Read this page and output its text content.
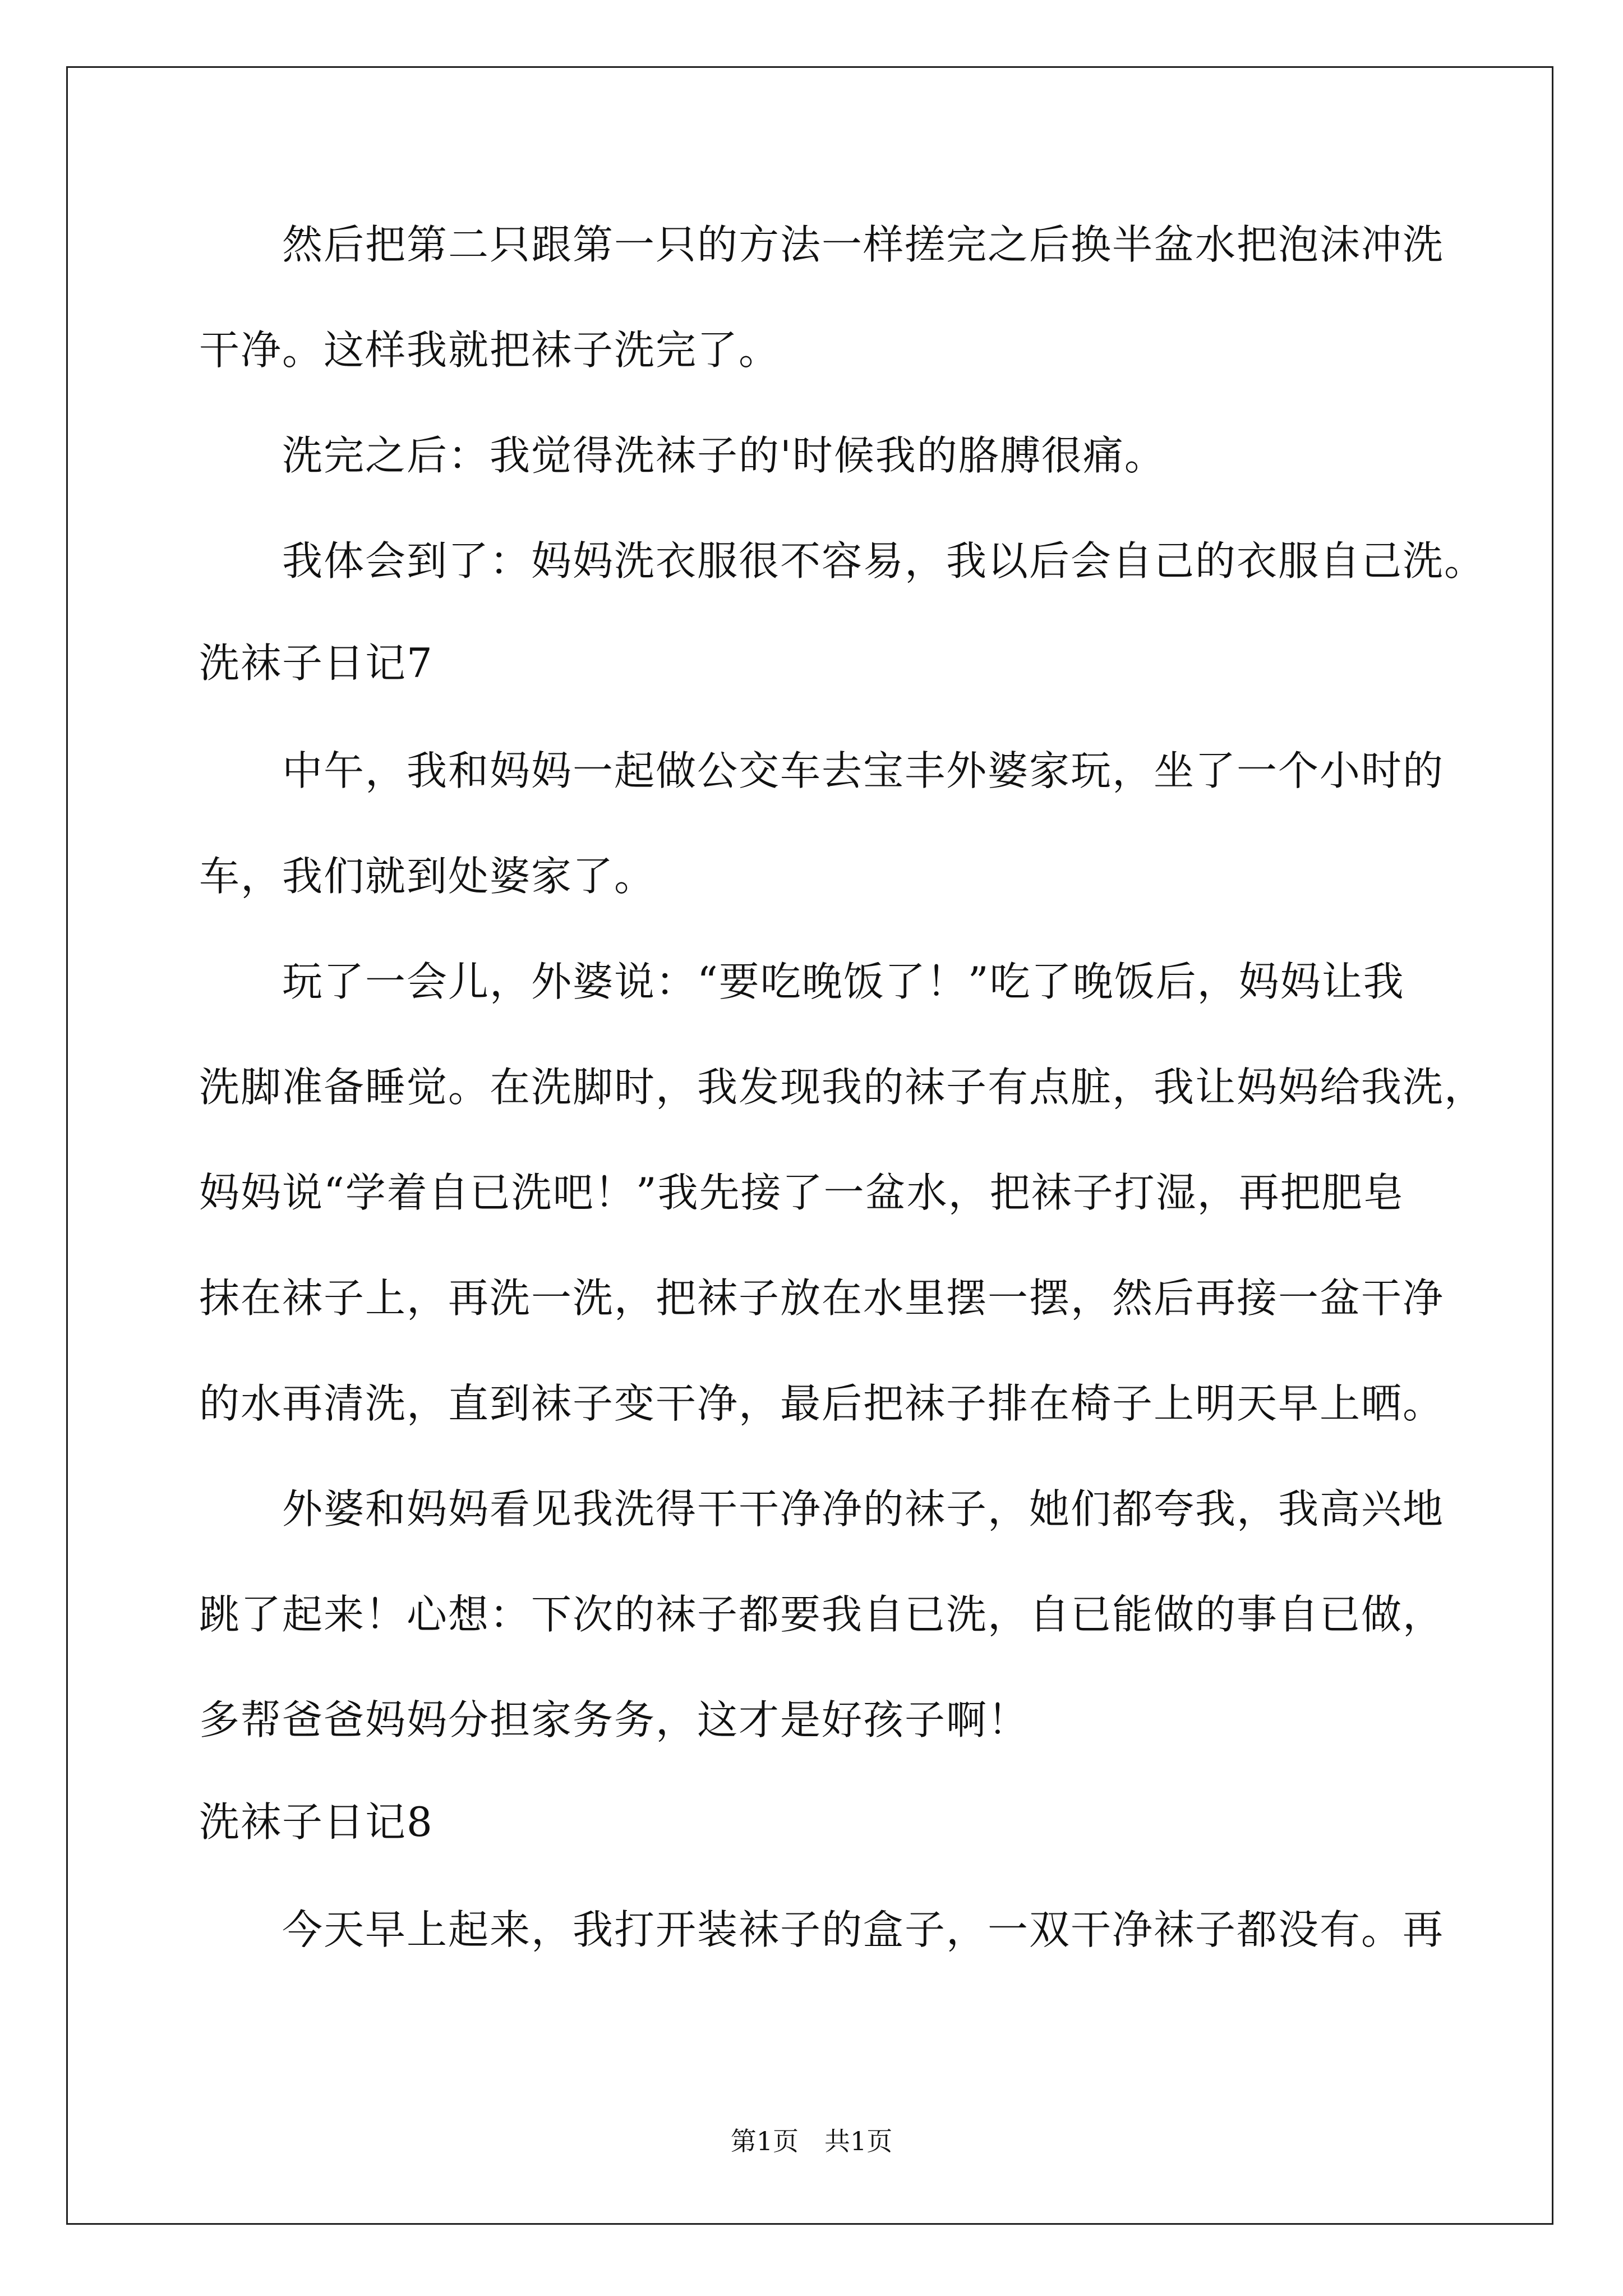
然后把第二只跟第一只的方法一样搓完之后换半盆水把泡沫冲洗
干净。这样我就把袜子洗完了。
洗完之后：我觉得洗袜子的'时候我的胳膊很痛。
我体会到了：妈妈洗衣服很不容易，我以后会自己的衣服自己洗。
洗袜子日记7
中午，我和妈妈一起做公交车去宝丰外婆家玩，坐了一个小时的
车，我们就到处婆家了。
玩了一会儿，外婆说：“要吃晚饭了！”吃了晚饭后，妈妈让我
洗脚准备睡觉。在洗脚时，我发现我的袜子有点脏，我让妈妈给我洗，
妈妈说“学着自已洗吧！”我先接了一盆水，把袜子打湿，再把肥皂
抹在袜子上，再洗一洗，把袜子放在水里摆一摆，然后再接一盆干净
的水再清洗，直到袜子变干净，最后把袜子排在椅子上明天早上晒。
外婆和妈妈看见我洗得干干净净的袜子，她们都夸我，我高兴地
跳了起来！心想：下次的袜子都要我自已洗，自已能做的事自已做，
多帮爸爸妈妈分担家务务，这才是好孩子啊！
洗袜子日记8
今天早上起来，我打开装袜子的盒子，一双干净袜子都没有。再
第1页　共1页
